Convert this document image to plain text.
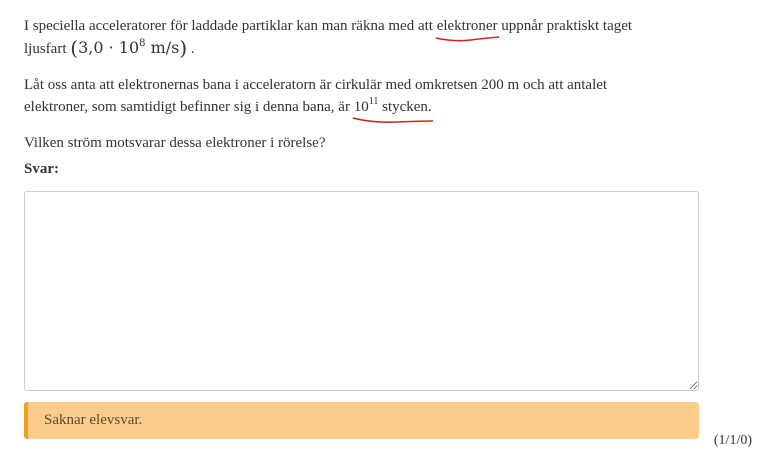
I speciella acceleratorer för laddade partiklar kan man räkna med att elektroner
uppnår praktiskt taget
ljusfart ($3,0 \cdot 10^8$ m/s) .

Låt oss anta att elektronernas bana i acceleratorn är cirkulär med omkretsen 200 m och att antalet
elektroner, som samtidigt befinner sig i denna bana, är $10^{11}$ stycken.

Vilken ström motsvarar dessa elektroner i rörelse?

Svar:

Saknar elevsvar.
(1/1/0)
